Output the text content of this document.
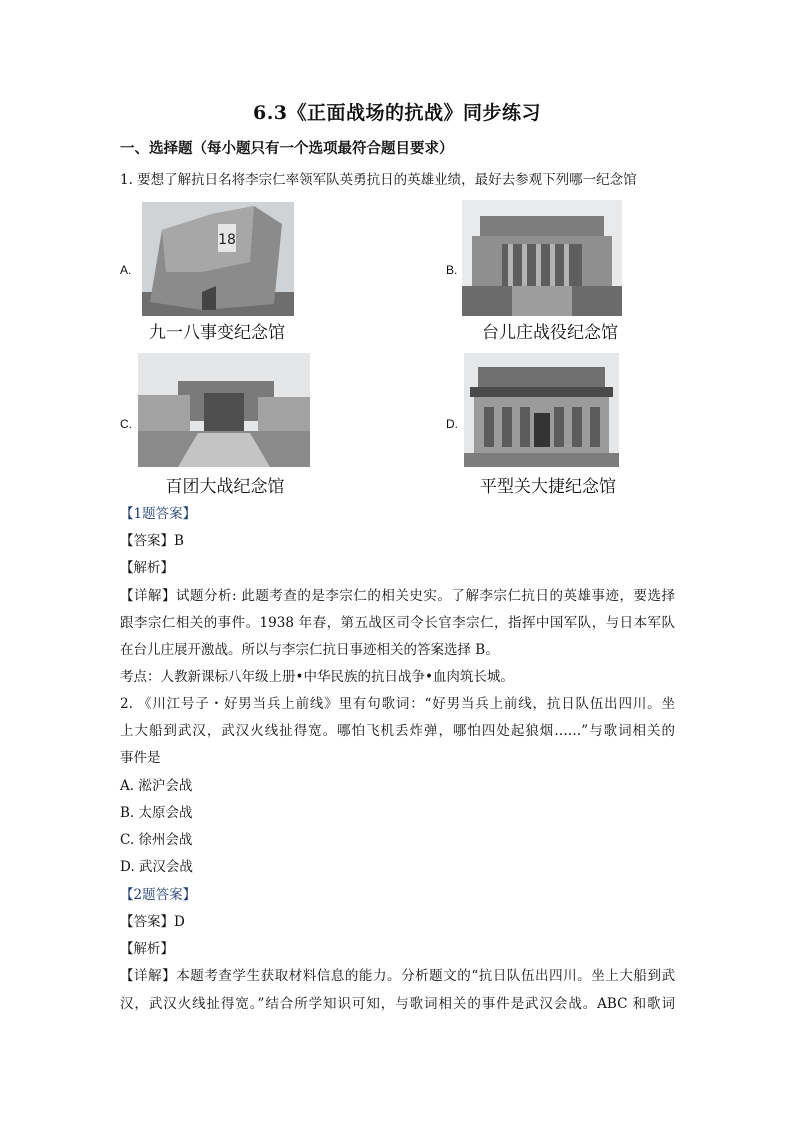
6.3《正面战场的抗战》同步练习
一、选择题（每小题只有一个选项最符合题目要求）
1. 要想了解抗日名将李宗仁率领军队英勇抗日的英雄业绩，最好去参观下列哪一纪念馆
A.
18
九一八事变纪念馆
B.
台儿庄战役纪念馆
C.
百团大战纪念馆
D.
平型关大捷纪念馆
【1题答案】
【答案】B
【解析】
【详解】试题分析: 此题考查的是李宗仁的相关史实。了解李宗仁抗日的英雄事迹，要选择
跟李宗仁相关的事件。1938 年春，第五战区司令长官李宗仁，指挥中国军队，与日本军队
在台儿庄展开激战。所以与李宗仁抗日事迹相关的答案选择 B。
考点：人教新课标八年级上册•中华民族的抗日战争•血肉筑长城。
2. 《川江号子・好男当兵上前线》里有句歌词：“好男当兵上前线，抗日队伍出四川。坐
上大船到武汉，武汉火线扯得宽。哪怕飞机丢炸弹，哪怕四处起狼烟……”与歌词相关的
事件是
A. 淞沪会战
B. 太原会战
C. 徐州会战
D. 武汉会战
【2题答案】
【答案】D
【解析】
【详解】本题考查学生获取材料信息的能力。分析题文的“抗日队伍出四川。坐上大船到武
汉，武汉火线扯得宽。”结合所学知识可知，与歌词相关的事件是武汉会战。ABC 和歌词
